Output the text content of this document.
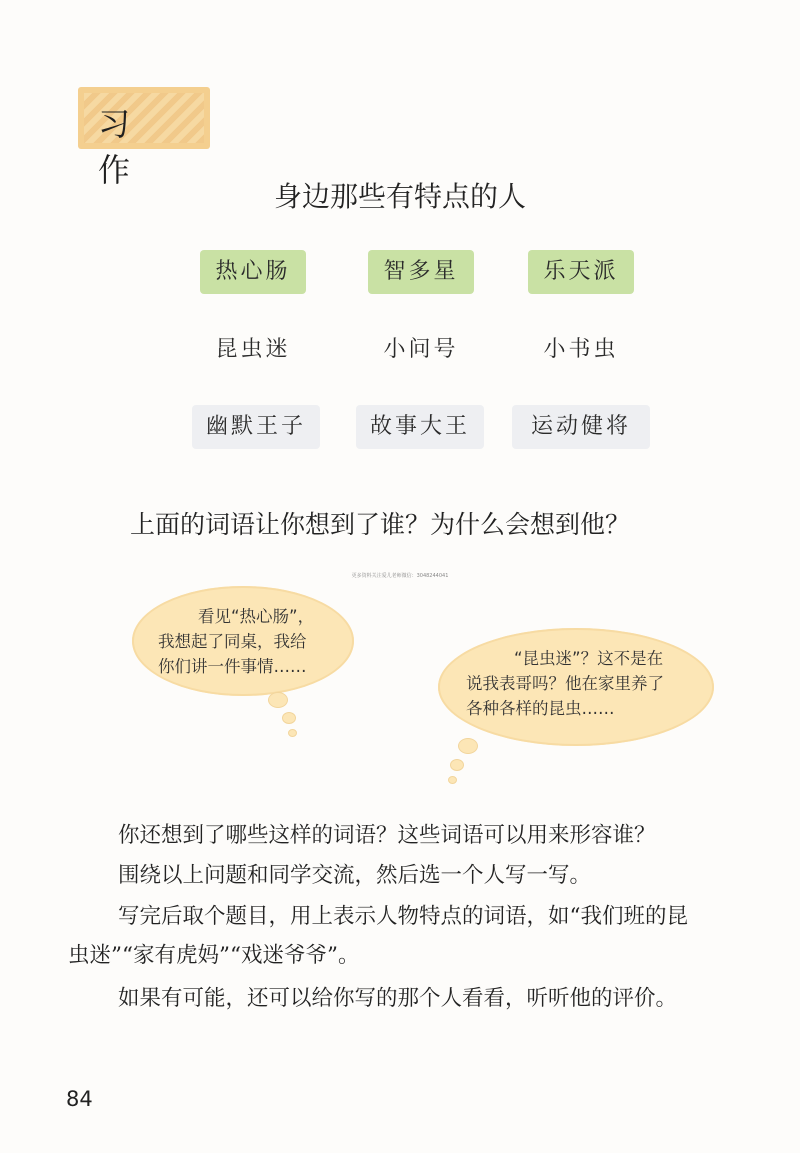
习 作
身边那些有特点的人
热心肠	智多星	乐天派
昆虫迷	小问号	小书虫
幽默王子	故事大王	运动健将
上面的词语让你想到了谁？为什么会想到他？
更多资料关注爱儿老师微信：3048244041
看见“热心肠”，
我想起了同桌，我给
你们讲一件事情……	“昆虫迷”？这不是在
说我表哥吗？他在家里养了
各种各样的昆虫……
你还想到了哪些这样的词语？这些词语可以用来形容谁？
围绕以上问题和同学交流，然后选一个人写一写。
写完后取个题目，用上表示人物特点的词语，如“我们班的昆
虫迷”“家有虎妈”“戏迷爷爷”。
如果有可能，还可以给你写的那个人看看，听听他的评价。
84
